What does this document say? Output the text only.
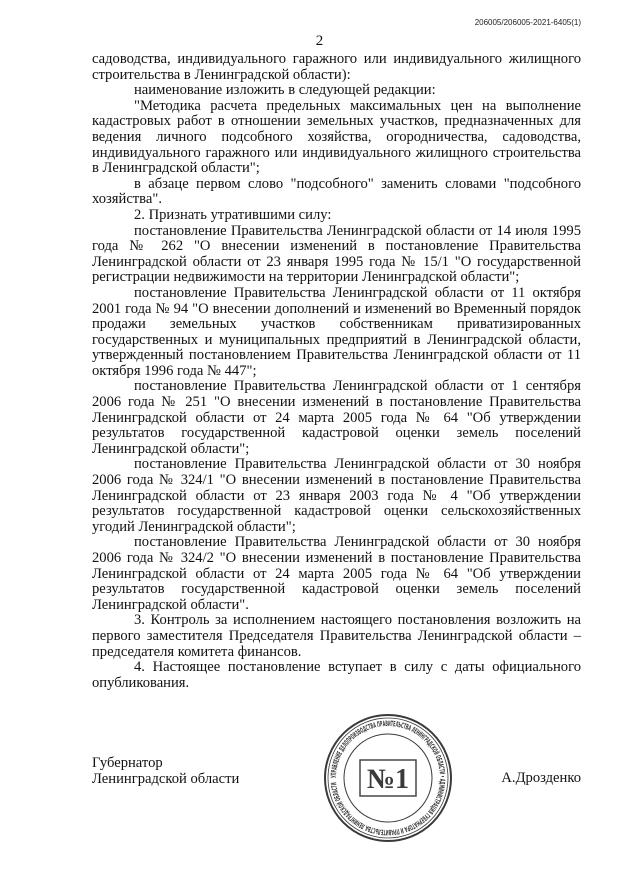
206005/206005-2021-6405(1)
2

садоводства, индивидуального гаражного или индивидуального жилищного строительства в Ленинградской области):

наименование изложить в следующей редакции:

"Методика расчета предельных максимальных цен на выполнение кадастровых работ в отношении земельных участков, предназначенных для ведения личного подсобного хозяйства, огородничества, садоводства, индивидуального гаражного или индивидуального жилищного строительства в Ленинградской области";

в абзаце первом слово "подсобного" заменить словами "подсобного хозяйства".

2. Признать утратившими силу:

постановление Правительства Ленинградской области от 14 июля 1995 года № 262 "О внесении изменений в постановление Правительства Ленинградской области от 23 января 1995 года № 15/1 "О государственной регистрации недвижимости на территории Ленинградской области";

постановление Правительства Ленинградской области от 11 октября 2001 года № 94 "О внесении дополнений и изменений во Временный порядок продажи земельных участков собственникам приватизированных государственных и муниципальных предприятий в Ленинградской области, утвержденный постановлением Правительства Ленинградской области от 11 октября 1996 года № 447";

постановление Правительства Ленинградской области от 1 сентября 2006 года № 251 "О внесении изменений в постановление Правительства Ленинградской области от 24 марта 2005 года № 64 "Об утверждении результатов государственной кадастровой оценки земель поселений Ленинградской области";

постановление Правительства Ленинградской области от 30 ноября 2006 года № 324/1 "О внесении изменений в постановление Правительства Ленинградской области от 23 января 2003 года № 4 "Об утверждении результатов государственной кадастровой оценки сельскохозяйственных угодий Ленинградской области";

постановление Правительства Ленинградской области от 30 ноября 2006 года № 324/2 "О внесении изменений в постановление Правительства Ленинградской области от 24 марта 2005 года № 64 "Об утверждении результатов государственной кадастровой оценки земель поселений Ленинградской области".

3. Контроль за исполнением настоящего постановления возложить на первого заместителя Председателя Правительства Ленинградской области – председателя комитета финансов.

4. Настоящее постановление вступает в силу с даты официального опубликования.

Губернатор
Ленинградской области	УПРАВЛЕНИЕ ДЕЛОПРОИЗВОДСТВА ПРАВИТЕЛЬСТВА ЛЕНИНГРАДСКОЙ ОБЛАСТИ • АДМИНИСТРАЦИЯ ГУБЕРНАТОРА И ПРАВИТЕЛЬСТВА ЛЕНИНГРАДСКОЙ ОБЛАСТИ	№1	А.Дрозденко
